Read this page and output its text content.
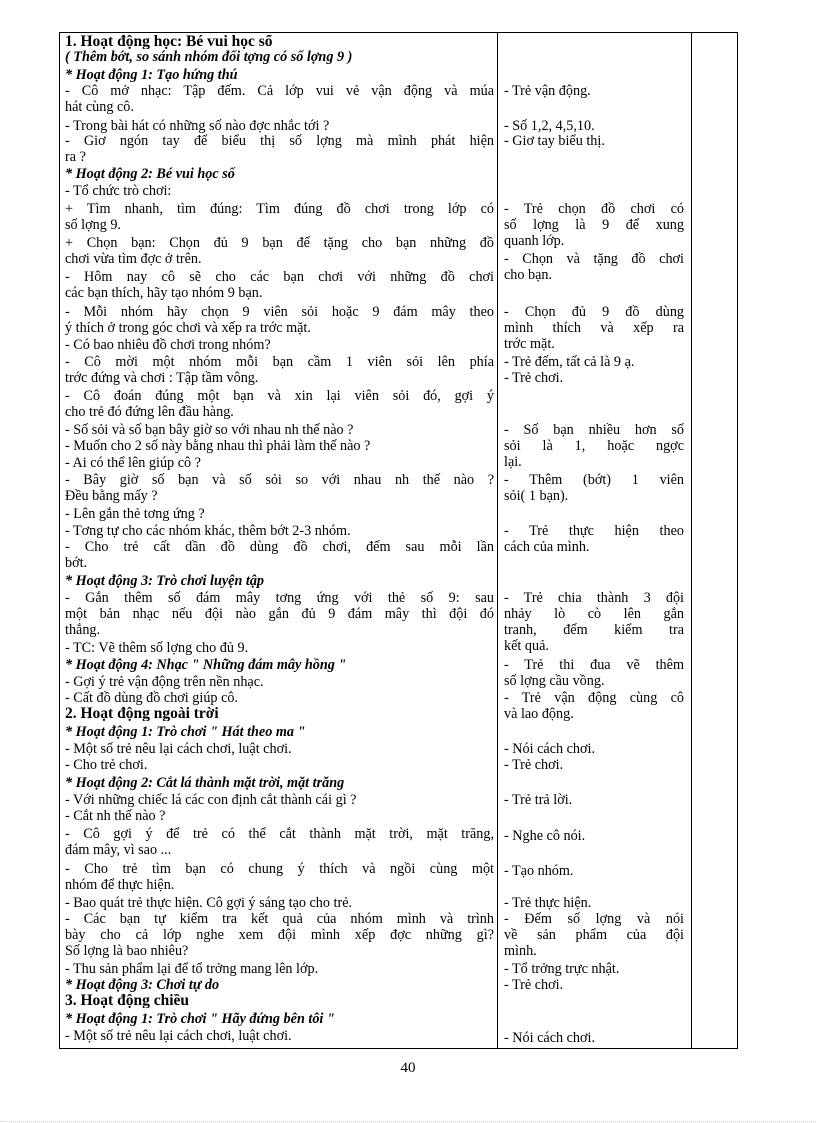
1. Hoạt động học: Bé vui học số
( Thêm bớt, so sánh nhóm đối tợng có số lợng 9 )
* Hoạt động 1: Tạo hứng thú
- Cô mở nhạc: Tập đếm. Cả lớp vui vẻ vận động và múa
hát cùng cô.
- Trong bài hát có những số nào đợc nhắc tới ?
- Giơ ngón tay để biểu thị số lợng mà mình phát hiện
ra ?
* Hoạt động 2: Bé vui học số
- Tổ chức trò chơi:
+ Tìm nhanh, tìm đúng: Tìm đúng đồ chơi trong lớp có
số lợng 9.
+ Chọn bạn: Chọn đủ 9 bạn để tặng cho bạn những đồ
chơi vừa tìm đợc ở trên.
- Hôm nay cô sẽ cho các bạn chơi với những đồ chơi
các bạn thích, hãy tạo nhóm 9 bạn.
- Mỗi nhóm hãy chọn 9 viên sỏi hoặc 9 đám mây theo
ý thích ở trong góc chơi và xếp ra trớc mặt.
- Có bao nhiêu đồ chơi trong nhóm?
- Cô mời một nhóm mỗi bạn cầm 1 viên sỏi lên phía
trớc đứng và chơi : Tập tầm vông.
- Cô đoán đúng một bạn và xin lại viên sỏi đó, gợi ý
cho trẻ đó đứng lên đầu hàng.
- Số sỏi và số bạn bây giờ so với nhau nh thế nào ?
- Muốn cho 2 số này bằng nhau thì phải làm thế nào ?
- Ai có thể lên giúp cô ?
- Bây giờ số bạn và số sỏi so với nhau nh thế nào ?
Đều bằng mấy ?
- Lên gắn thẻ tơng ứng ?
- Tơng tự cho các nhóm khác, thêm bớt 2-3 nhóm.
- Cho trẻ cất dần đồ dùng đồ chơi, đếm sau mỗi lần
bớt.
* Hoạt động 3: Trò chơi luyện tập
- Gắn thêm số đám mây tơng ứng với thẻ số 9: sau
một bản nhạc nếu đội nào gắn đủ 9 đám mây thì đội đó
thắng.
- TC: Vẽ thêm số lợng cho đủ 9.
* Hoạt động 4: Nhạc " Những đám mây hồng "
- Gợi ý trẻ vận động trên nền nhạc.
- Cất đồ dùng đồ chơi giúp cô.
2. Hoạt động ngoài trời
* Hoạt động 1: Trò chơi " Hát theo ma "
- Một số trẻ nêu lại cách chơi, luật chơi.
- Cho trẻ chơi.
* Hoạt động 2: Cắt lá thành mặt trời, mặt trăng
- Với những chiếc lá các con định cắt thành cái gì ?
- Cắt nh thế nào ?
- Cô gợi ý để trẻ có thể cắt thành mặt trời, mặt trăng,
đám mây, vì sao ...
- Cho trẻ tìm bạn có chung ý thích và ngồi cùng một
nhóm để thực hiện.
- Bao quát trẻ thực hiện. Cô gợi ý sáng tạo cho trẻ.
- Các bạn tự kiểm tra kết quả của nhóm mình và trình
bày cho cả lớp nghe xem đội mình xếp đợc những gì?
Số lợng là bao nhiêu?
- Thu sản phẩm lại để tổ trởng mang lên lớp.
* Hoạt động 3: Chơi tự do
3. Hoạt động chiều
* Hoạt động 1: Trò chơi " Hãy đứng bên tôi "
- Một số trẻ nêu lại cách chơi, luật chơi.
- Trẻ vận động.
- Số 1,2, 4,5,10.
- Giơ tay biểu thị.
- Trẻ chọn đồ chơi có
số lợng là 9 để xung
quanh lớp.
- Chọn và tặng đồ chơi
cho bạn.
- Chọn đủ 9 đồ dùng
mình thích và xếp ra
trớc mặt.
- Trẻ đếm, tất cả là 9 ạ.
- Trẻ chơi.
- Số bạn nhiều hơn số
sỏi là 1, hoặc ngợc
lại.
- Thêm (bớt) 1 viên
sỏi( 1 bạn).
- Trẻ thực hiện theo
cách của mình.
- Trẻ chia thành 3 đội
nhảy lò cò lên gắn
tranh, đếm kiểm tra
kết quả.
- Trẻ thi đua vẽ thêm
số lợng cầu vồng.
- Trẻ vận động cùng cô
và lao động.
- Nói cách chơi.
- Trẻ chơi.
- Trẻ trả lời.
- Nghe cô nói.
- Tạo nhóm.
- Trẻ thực hiện.
- Đếm số lợng và nói
về sản phẩm của đội
mình.
- Tổ trởng trực nhật.
- Trẻ chơi.
- Nói cách chơi.
40
